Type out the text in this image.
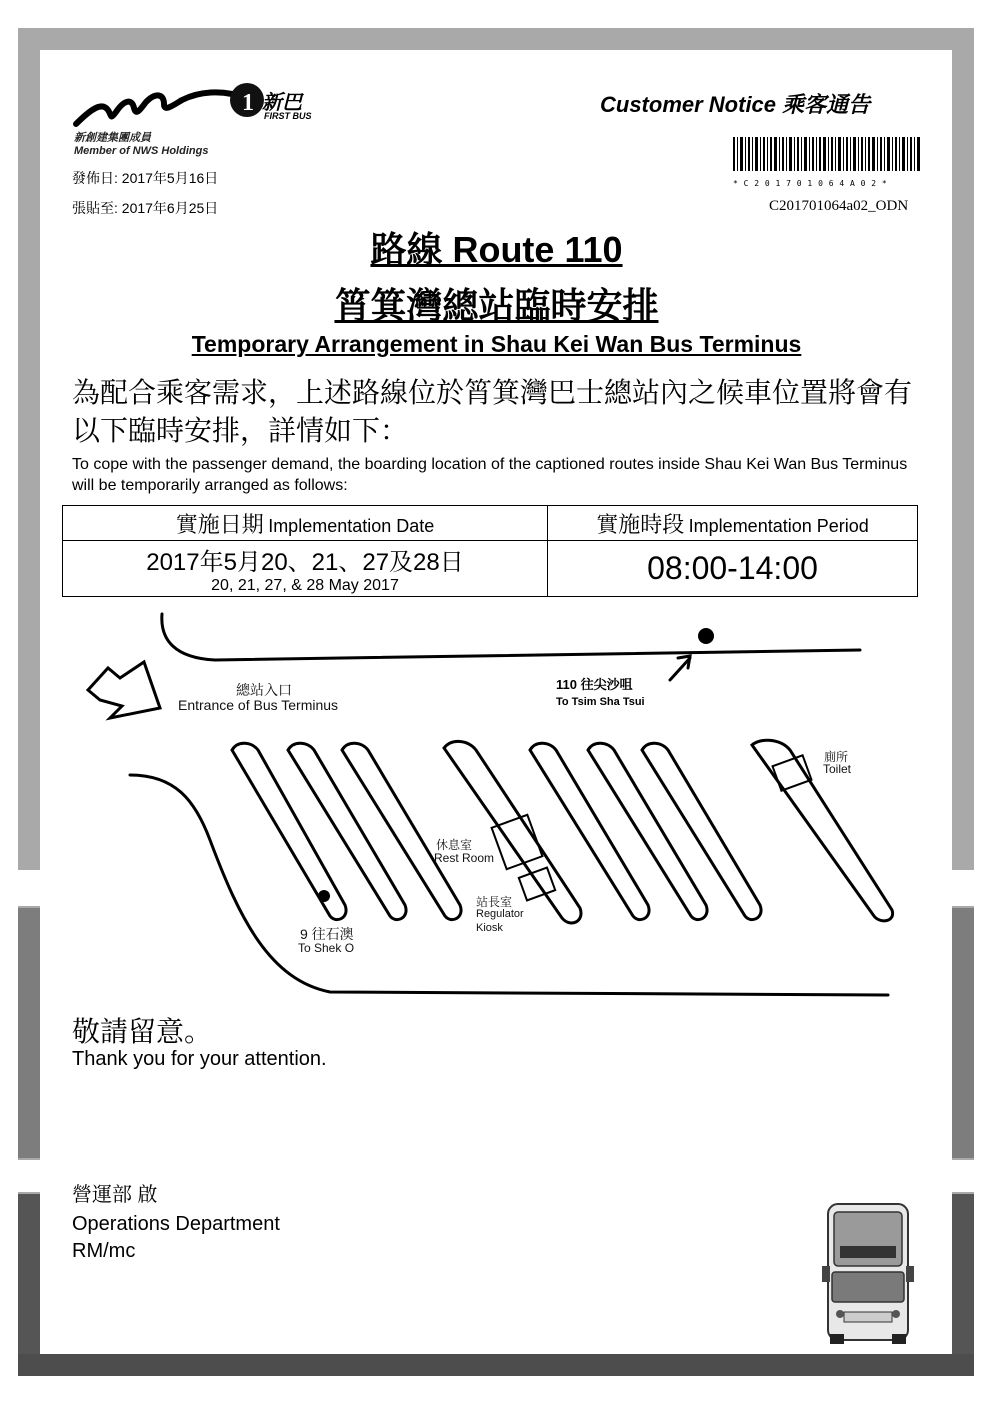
1 新巴
FIRST BUS
新創建集團成員
Member of NWS Holdings
發佈日: 2017年5月16日
張貼至: 2017年6月25日
Customer Notice 乘客通告
* C 2 0 1 7 0 1 0 6 4 A 0 2 *
C201701064a02_ODN
路線 Route 110
筲箕灣總站臨時安排
Temporary Arrangement in Shau Kei Wan Bus Terminus
為配合乘客需求，上述路線位於筲箕灣巴士總站內之候車位置將會有以下臨時安排，詳情如下：
To cope with the passenger demand, the boarding location of the captioned routes inside Shau Kei Wan Bus Terminus will be temporarily arranged as follows:
實施日期 Implementation Date	實施時段 Implementation Period

2017年5月20、21、27及28日
20, 21, 27, & 28 May 2017	08:00-14:00
總站入口
Entrance of Bus Terminus
110 往尖沙咀
To Tsim Sha Tsui
廁所
Toilet
休息室
Rest Room
站長室
Regulator
Kiosk
9 往石澳
To Shek O
敬請留意。
Thank you for your attention.
營運部 啟
Operations Department
RM/mc
